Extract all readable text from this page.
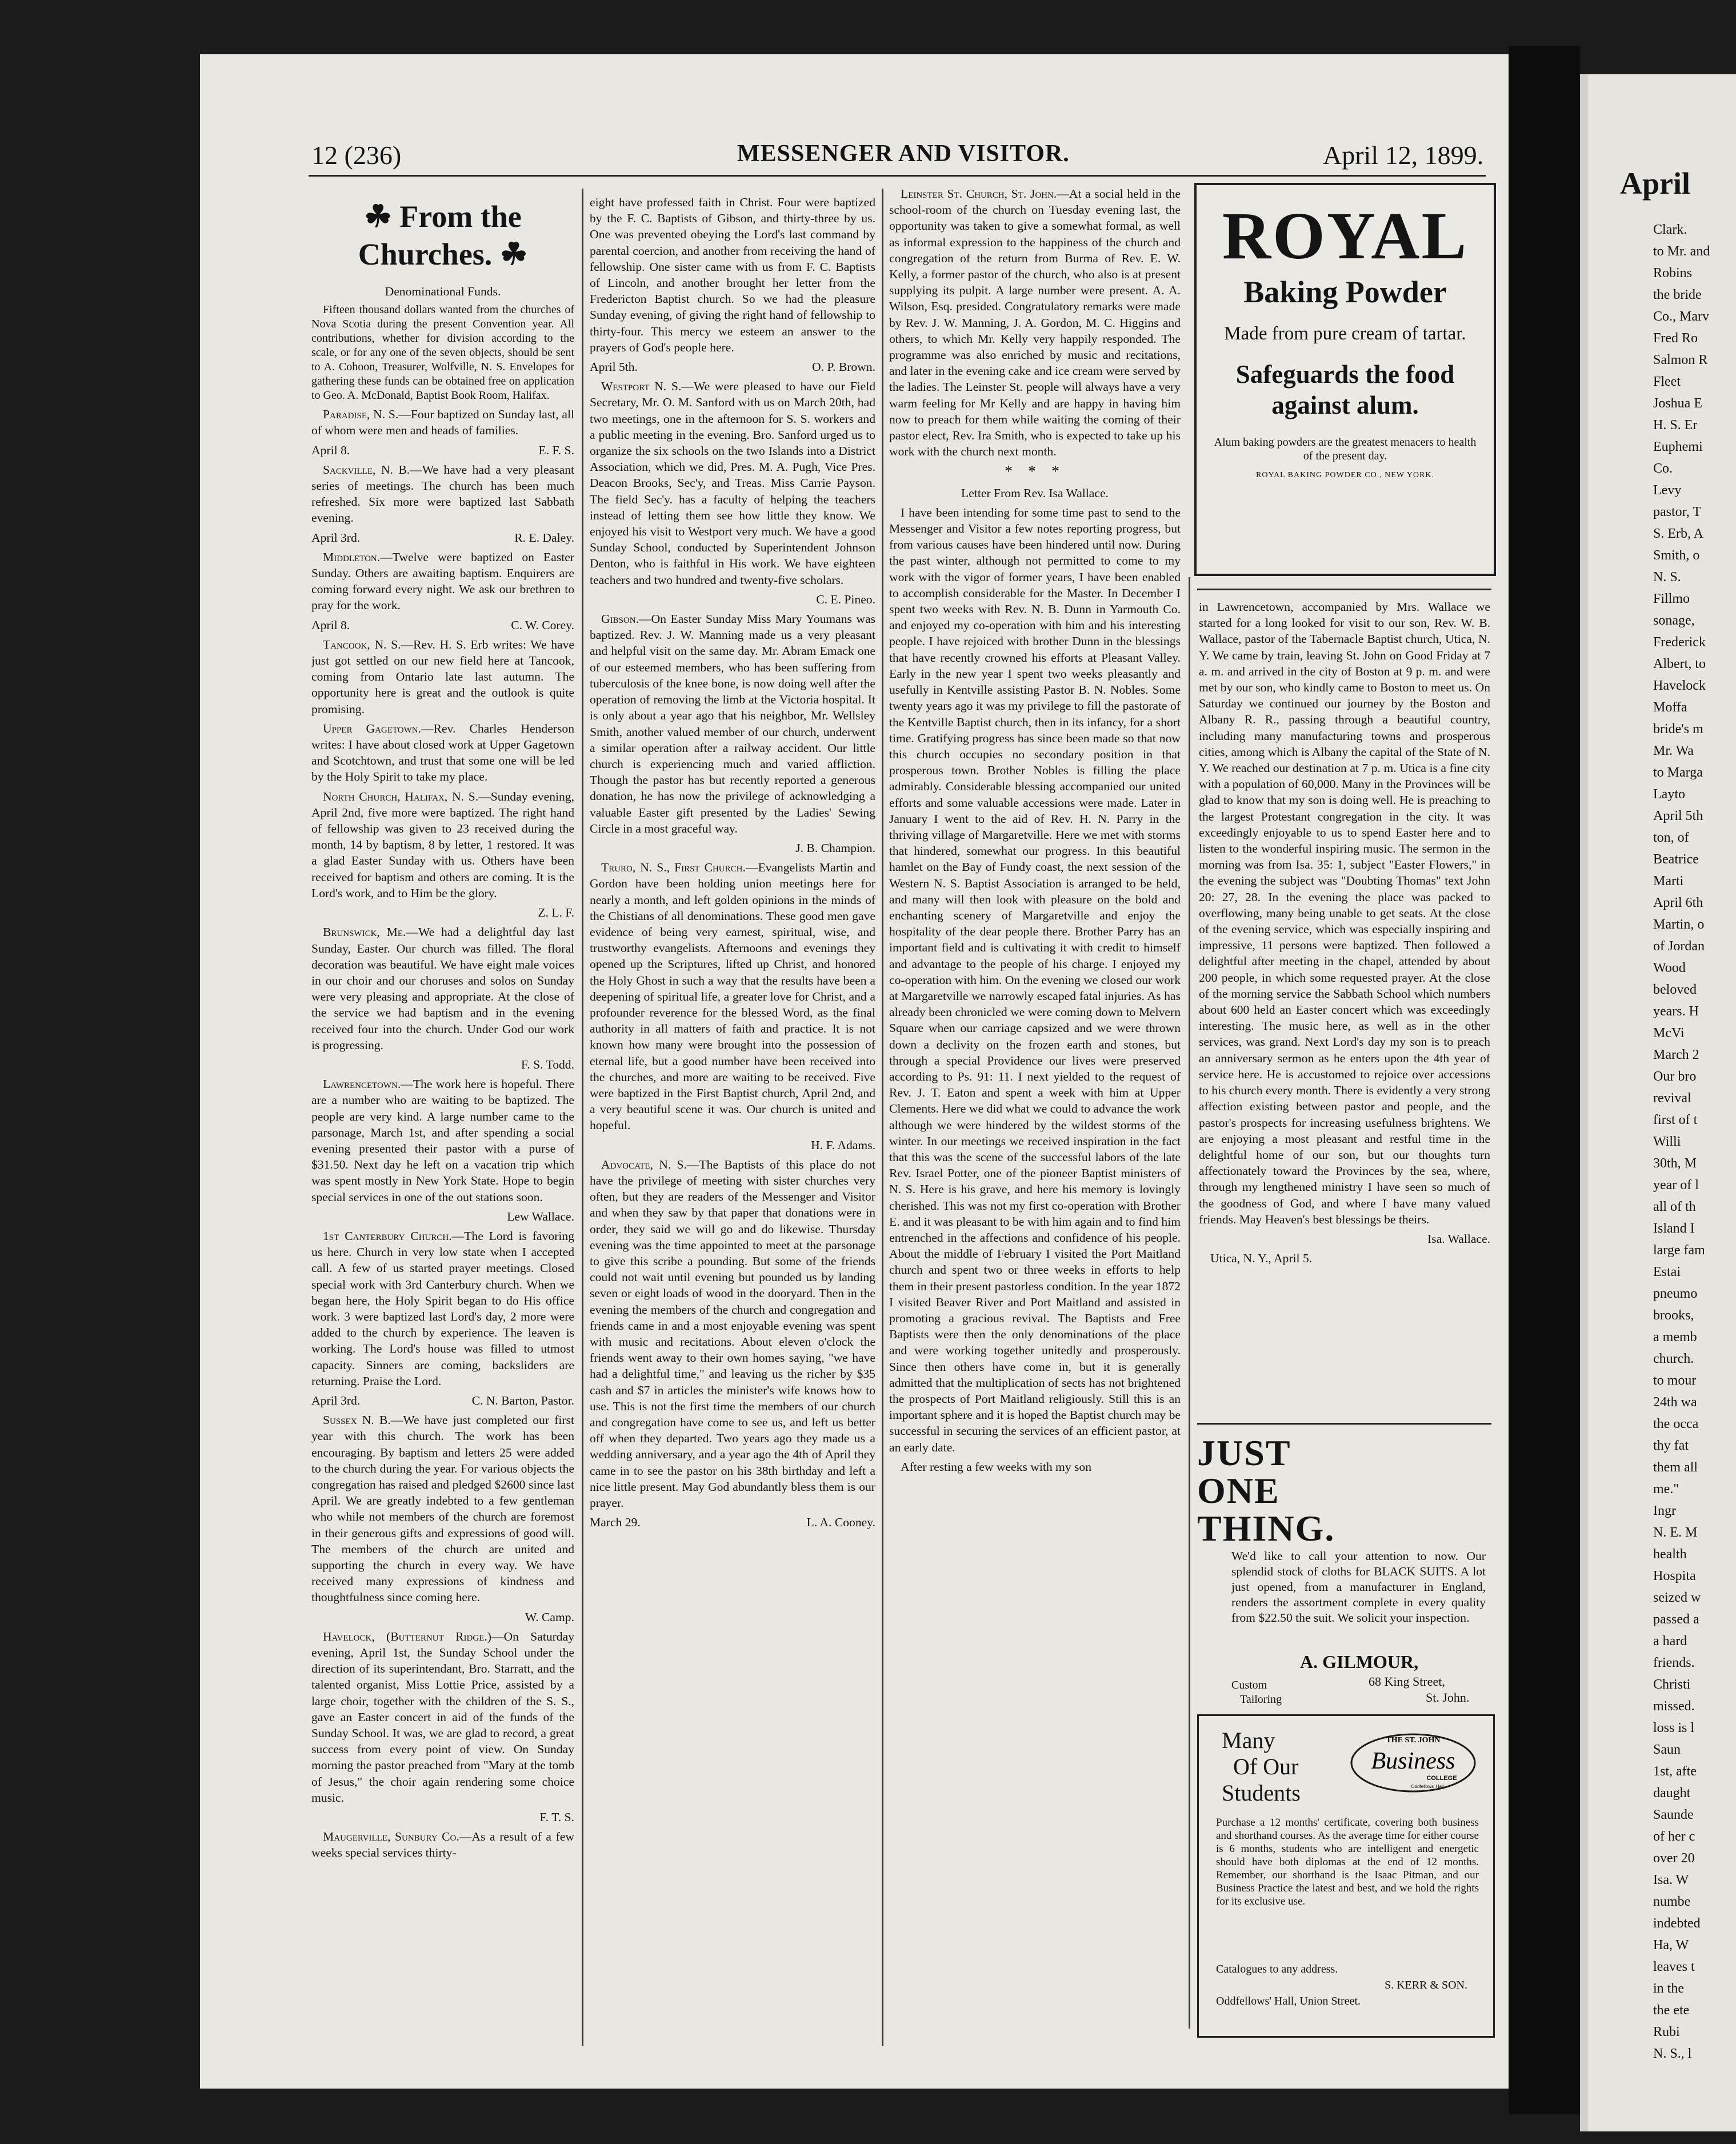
April
Clark.
to Mr. and
Robins
the bride
Co., Marv
Fred Ro
Salmon R
Fleet
Joshua E
H. S. Er
Euphemi
Co.
Levy
pastor, T
S. Erb, A
Smith, o
N. S.
Fillmo
sonage,
Frederick
Albert, to
Havelock
Moffa
bride's m
Mr. Wa
to Marga
Layto
April 5th
ton, of
Beatrice
Marti
April 6th
Martin, o
of Jordan
Wood
beloved
years. H
McVi
March 2
Our bro
revival
first of t
Willi
30th, M
year of l
all of th
Island I
large fam
Estai
pneumo
brooks,
a memb
church.
to mour
24th wa
the occa
thy fat
them all
me."
Ingr
N. E. M
health
Hospita
seized w
passed a
a hard
friends.
Christi
missed.
loss is l
Saun
1st, afte
daught
Saunde
of her c
over 20
Isa. W
numbe
indebted
Ha, W
leaves t
in the
the ete
Rubi
N. S., l
12 (236)	MESSENGER AND VISITOR.	April 12, 1899.

☘ From the Churches. ☘

Denominational Funds.

Fifteen thousand dollars wanted from the churches of Nova Scotia during the present Convention year. All contributions, whether for division according to the scale, or for any one of the seven objects, should be sent to A. Cohoon, Treasurer, Wolfville, N. S. Envelopes for gathering these funds can be obtained free on application to Geo. A. McDonald, Baptist Book Room, Halifax.

Paradise, N. S.—Four baptized on Sunday last, all of whom were men and heads of families.

April 8.	E. F. S.

Sackville, N. B.—We have had a very pleasant series of meetings. The church has been much refreshed. Six more were baptized last Sabbath evening.

April 3rd.	R. E. Daley.

Middleton.—Twelve were baptized on Easter Sunday. Others are awaiting baptism. Enquirers are coming forward every night. We ask our brethren to pray for the work.

April 8.	C. W. Corey.

Tancook, N. S.—Rev. H. S. Erb writes: We have just got settled on our new field here at Tancook, coming from Ontario late last autumn. The opportunity here is great and the outlook is quite promising.

Upper Gagetown.—Rev. Charles Henderson writes: I have about closed work at Upper Gagetown and Scotchtown, and trust that some one will be led by the Holy Spirit to take my place.

North Church, Halifax, N. S.—Sunday evening, April 2nd, five more were baptized. The right hand of fellowship was given to 23 received during the month, 14 by baptism, 8 by letter, 1 restored. It was a glad Easter Sunday with us. Others have been received for baptism and others are coming. It is the Lord's work, and to Him be the glory.

Z. L. F.

Brunswick, Me.—We had a delightful day last Sunday, Easter. Our church was filled. The floral decoration was beautiful. We have eight male voices in our choir and our choruses and solos on Sunday were very pleasing and appropriate. At the close of the service we had baptism and in the evening received four into the church. Under God our work is progressing.

F. S. Todd.

Lawrencetown.—The work here is hopeful. There are a number who are waiting to be baptized. The people are very kind. A large number came to the parsonage, March 1st, and after spending a social evening presented their pastor with a purse of $31.50. Next day he left on a vacation trip which was spent mostly in New York State. Hope to begin special services in one of the out stations soon.

Lew Wallace.

1st Canterbury Church.—The Lord is favoring us here. Church in very low state when I accepted call. A few of us started prayer meetings. Closed special work with 3rd Canterbury church. When we began here, the Holy Spirit began to do His office work. 3 were baptized last Lord's day, 2 more were added to the church by experience. The leaven is working. The Lord's house was filled to utmost capacity. Sinners are coming, backsliders are returning. Praise the Lord.

April 3rd.	C. N. Barton, Pastor.

Sussex N. B.—We have just completed our first year with this church. The work has been encouraging. By baptism and letters 25 were added to the church during the year. For various objects the congregation has raised and pledged $2600 since last April. We are greatly indebted to a few gentleman who while not members of the church are foremost in their generous gifts and expressions of good will. The members of the church are united and supporting the church in every way. We have received many expressions of kindness and thoughtfulness since coming here.

W. Camp.

Havelock, (Butternut Ridge.)—On Saturday evening, April 1st, the Sunday School under the direction of its superintendant, Bro. Starratt, and the talented organist, Miss Lottie Price, assisted by a large choir, together with the children of the S. S., gave an Easter concert in aid of the funds of the Sunday School. It was, we are glad to record, a great success from every point of view. On Sunday morning the pastor preached from "Mary at the tomb of Jesus," the choir again rendering some choice music.

F. T. S.

Maugerville, Sunbury Co.—As a result of a few weeks special services thirty-

eight have professed faith in Christ. Four were baptized by the F. C. Baptists of Gibson, and thirty-three by us. One was prevented obeying the Lord's last command by parental coercion, and another from receiving the hand of fellowship. One sister came with us from F. C. Baptists of Lincoln, and another brought her letter from the Fredericton Baptist church. So we had the pleasure Sunday evening, of giving the right hand of fellowship to thirty-four. This mercy we esteem an answer to the prayers of God's people here.

April 5th.	O. P. Brown.

Westport N. S.—We were pleased to have our Field Secretary, Mr. O. M. Sanford with us on March 20th, had two meetings, one in the afternoon for S. S. workers and a public meeting in the evening. Bro. Sanford urged us to organize the six schools on the two Islands into a District Association, which we did, Pres. M. A. Pugh, Vice Pres. Deacon Brooks, Sec'y, and Treas. Miss Carrie Payson. The field Sec'y. has a faculty of helping the teachers instead of letting them see how little they know. We enjoyed his visit to Westport very much. We have a good Sunday School, conducted by Superintendent Johnson Denton, who is faithful in His work. We have eighteen teachers and two hundred and twenty-five scholars.

C. E. Pineo.

Gibson.—On Easter Sunday Miss Mary Youmans was baptized. Rev. J. W. Manning made us a very pleasant and helpful visit on the same day. Mr. Abram Emack one of our esteemed members, who has been suffering from tuberculosis of the knee bone, is now doing well after the operation of removing the limb at the Victoria hospital. It is only about a year ago that his neighbor, Mr. Wellsley Smith, another valued member of our church, underwent a similar operation after a railway accident. Our little church is experiencing much and varied affliction. Though the pastor has but recently reported a generous donation, he has now the privilege of acknowledging a valuable Easter gift presented by the Ladies' Sewing Circle in a most graceful way.

J. B. Champion.

Truro, N. S., First Church.—Evangelists Martin and Gordon have been holding union meetings here for nearly a month, and left golden opinions in the minds of the Chistians of all denominations. These good men gave evidence of being very earnest, spiritual, wise, and trustworthy evangelists. Afternoons and evenings they opened up the Scriptures, lifted up Christ, and honored the Holy Ghost in such a way that the results have been a deepening of spiritual life, a greater love for Christ, and a profounder reverence for the blessed Word, as the final authority in all matters of faith and practice. It is not known how many were brought into the possession of eternal life, but a good number have been received into the churches, and more are waiting to be received. Five were baptized in the First Baptist church, April 2nd, and a very beautiful scene it was. Our church is united and hopeful.

H. F. Adams.

Advocate, N. S.—The Baptists of this place do not have the privilege of meeting with sister churches very often, but they are readers of the Messenger and Visitor and when they saw by that paper that donations were in order, they said we will go and do likewise. Thursday evening was the time appointed to meet at the parsonage to give this scribe a pounding. But some of the friends could not wait until evening but pounded us by landing seven or eight loads of wood in the dooryard. Then in the evening the members of the church and congregation and friends came in and a most enjoyable evening was spent with music and recitations. About eleven o'clock the friends went away to their own homes saying, "we have had a delightful time," and leaving us the richer by $35 cash and $7 in articles the minister's wife knows how to use. This is not the first time the members of our church and congregation have come to see us, and left us better off when they departed. Two years ago they made us a wedding anniversary, and a year ago the 4th of April they came in to see the pastor on his 38th birthday and left a nice little present. May God abundantly bless them is our prayer.

March 29.	L. A. Cooney.

Leinster St. Church, St. John.—At a social held in the school-room of the church on Tuesday evening last, the opportunity was taken to give a somewhat formal, as well as informal expression to the happiness of the church and congregation of the return from Burma of Rev. E. W. Kelly, a former pastor of the church, who also is at present supplying its pulpit. A large number were present. A. A. Wilson, Esq. presided. Congratulatory remarks were made by Rev. J. W. Manning, J. A. Gordon, M. C. Higgins and others, to which Mr. Kelly very happily responded. The programme was also enriched by music and recitations, and later in the evening cake and ice cream were served by the ladies. The Leinster St. people will always have a very warm feeling for Mr Kelly and are happy in having him now to preach for them while waiting the coming of their pastor elect, Rev. Ira Smith, who is expected to take up his work with the church next month.

* * *

Letter From Rev. Isa Wallace.

I have been intending for some time past to send to the Messenger and Visitor a few notes reporting progress, but from various causes have been hindered until now. During the past winter, although not permitted to come to my work with the vigor of former years, I have been enabled to accomplish considerable for the Master. In December I spent two weeks with Rev. N. B. Dunn in Yarmouth Co. and enjoyed my co-operation with him and his interesting people. I have rejoiced with brother Dunn in the blessings that have recently crowned his efforts at Pleasant Valley. Early in the new year I spent two weeks pleasantly and usefully in Kentville assisting Pastor B. N. Nobles. Some twenty years ago it was my privilege to fill the pastorate of the Kentville Baptist church, then in its infancy, for a short time. Gratifying progress has since been made so that now this church occupies no secondary position in that prosperous town. Brother Nobles is filling the place admirably. Considerable blessing accompanied our united efforts and some valuable accessions were made. Later in January I went to the aid of Rev. H. N. Parry in the thriving village of Margaretville. Here we met with storms that hindered, somewhat our progress. In this beautiful hamlet on the Bay of Fundy coast, the next session of the Western N. S. Baptist Association is arranged to be held, and many will then look with pleasure on the bold and enchanting scenery of Margaretville and enjoy the hospitality of the dear people there. Brother Parry has an important field and is cultivating it with credit to himself and advantage to the people of his charge. I enjoyed my co-operation with him. On the evening we closed our work at Margaretville we narrowly escaped fatal injuries. As has already been chronicled we were coming down to Melvern Square when our carriage capsized and we were thrown down a declivity on the frozen earth and stones, but through a special Providence our lives were preserved according to Ps. 91: 11. I next yielded to the request of Rev. J. T. Eaton and spent a week with him at Upper Clements. Here we did what we could to advance the work although we were hindered by the wildest storms of the winter. In our meetings we received inspiration in the fact that this was the scene of the successful labors of the late Rev. Israel Potter, one of the pioneer Baptist ministers of N. S. Here is his grave, and here his memory is lovingly cherished. This was not my first co-operation with Brother E. and it was pleasant to be with him again and to find him entrenched in the affections and confidence of his people. About the middle of February I visited the Port Maitland church and spent two or three weeks in efforts to help them in their present pastorless condition. In the year 1872 I visited Beaver River and Port Maitland and assisted in promoting a gracious revival. The Baptists and Free Baptists were then the only denominations of the place and were working together unitedly and prosperously. Since then others have come in, but it is generally admitted that the multiplication of sects has not brightened the prospects of Port Maitland religiously. Still this is an important sphere and it is hoped the Baptist church may be successful in securing the services of an efficient pastor, at an early date.

After resting a few weeks with my son

ROYAL
Baking Powder
Made from pure cream of tartar.
Safeguards the food against alum.
Alum baking powders are the greatest menacers to health of the present day.
ROYAL BAKING POWDER CO., NEW YORK.

in Lawrencetown, accompanied by Mrs. Wallace we started for a long looked for visit to our son, Rev. W. B. Wallace, pastor of the Tabernacle Baptist church, Utica, N. Y. We came by train, leaving St. John on Good Friday at 7 a. m. and arrived in the city of Boston at 9 p. m. and were met by our son, who kindly came to Boston to meet us. On Saturday we continued our journey by the Boston and Albany R. R., passing through a beautiful country, including many manufacturing towns and prosperous cities, among which is Albany the capital of the State of N. Y. We reached our destination at 7 p. m. Utica is a fine city with a population of 60,000. Many in the Provinces will be glad to know that my son is doing well. He is preaching to the largest Protestant congregation in the city. It was exceedingly enjoyable to us to spend Easter here and to listen to the wonderful inspiring music. The sermon in the morning was from Isa. 35: 1, subject "Easter Flowers," in the evening the subject was "Doubting Thomas" text John 20: 27, 28. In the evening the place was packed to overflowing, many being unable to get seats. At the close of the evening service, which was especially inspiring and impressive, 11 persons were baptized. Then followed a delightful after meeting in the chapel, attended by about 200 people, in which some requested prayer. At the close of the morning service the Sabbath School which numbers about 600 held an Easter concert which was exceedingly interesting. The music here, as well as in the other services, was grand. Next Lord's day my son is to preach an anniversary sermon as he enters upon the 4th year of service here. He is accustomed to rejoice over accessions to his church every month. There is evidently a very strong affection existing between pastor and people, and the pastor's prospects for increasing usefulness brightens. We are enjoying a most pleasant and restful time in the delightful home of our son, but our thoughts turn affectionately toward the Provinces by the sea, where, through my lengthened ministry I have seen so much of the goodness of God, and where I have many valued friends. May Heaven's best blessings be theirs.

Isa. Wallace.

Utica, N. Y., April 5.

JUST
ONE
THING.
We'd like to call your attention to now. Our splendid stock of cloths for BLACK SUITS. A lot just opened, from a manufacturer in England, renders the assortment complete in every quality from $22.50 the suit. We solicit your inspection.
A. GILMOUR,
68 King Street,
St. John.
Custom
Tailoring
Many
Of Our
Students
THE ST. JOHN
Business
COLLEGE
Oddfellows' Hall
Purchase a 12 months' certificate, covering both business and shorthand courses. As the average time for either course is 6 months, students who are intelligent and energetic should have both diplomas at the end of 12 months. Remember, our shorthand is the Isaac Pitman, and our Business Practice the latest and best, and we hold the rights for its exclusive use.
Catalogues to any address.
S. KERR & SON.
Oddfellows' Hall, Union Street.
